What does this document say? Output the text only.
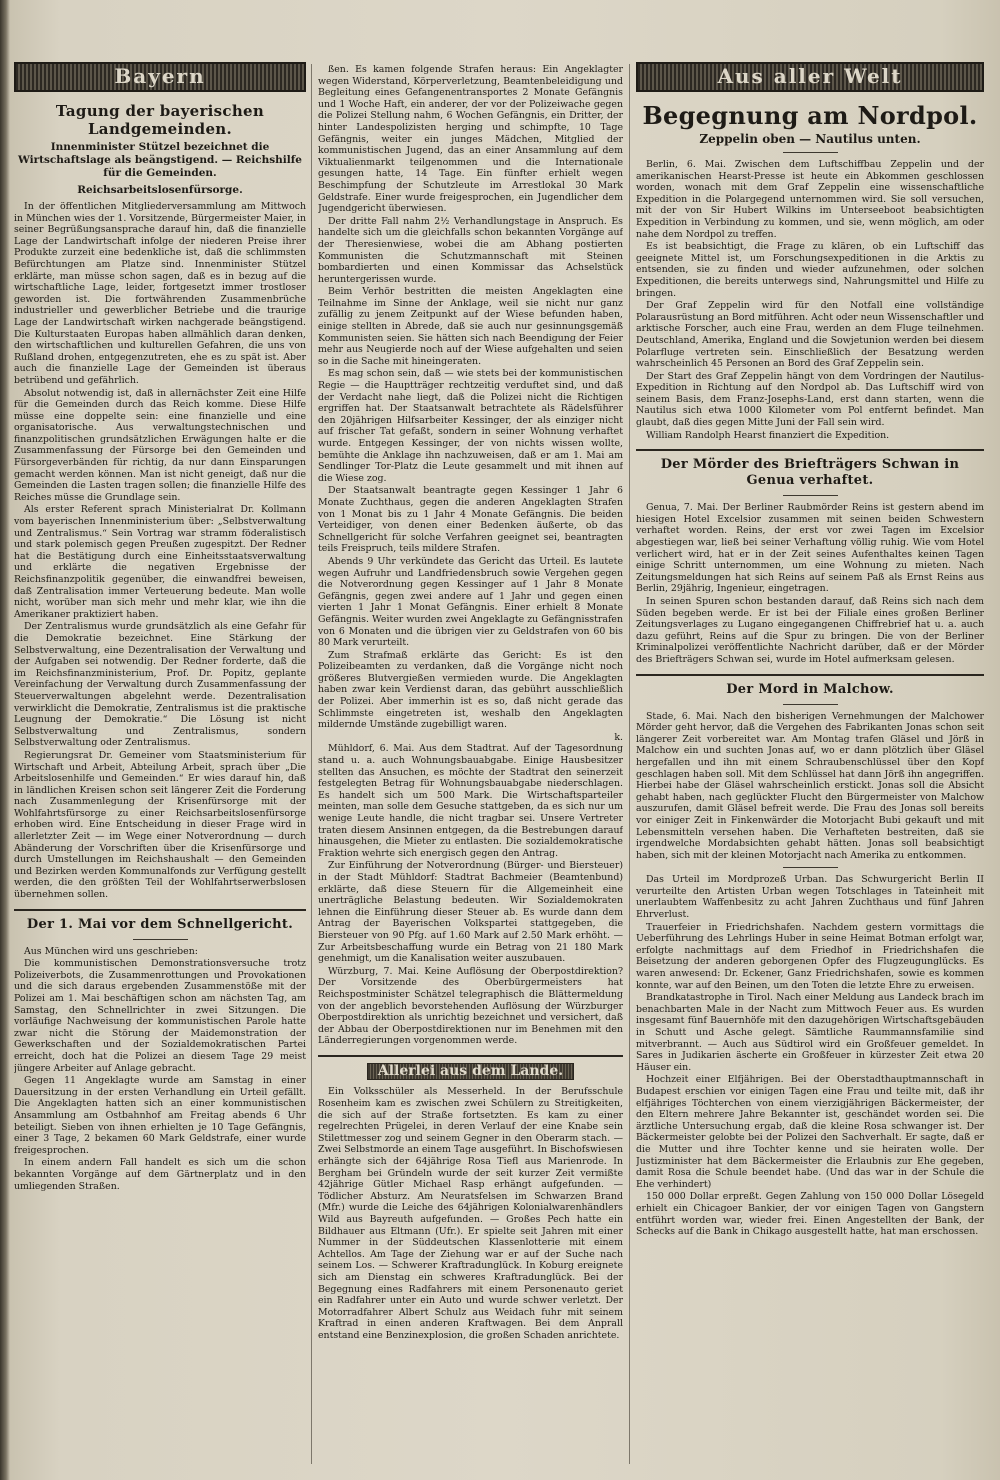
Bayern
Tagung der bayerischen Landgemeinden.
Innenminister Stützel bezeichnet die Wirtschaftslage als beängstigend. — Reichshilfe für die Gemeinden.
Reichsarbeitslosenfürsorge.

In der öffentlichen Mitgliederversammlung am Mittwoch in München wies der 1. Vorsitzende, Bürgermeister Maier, in seiner Begrüßungsansprache darauf hin, daß die finanzielle Lage der Landwirtschaft infolge der niederen Preise ihrer Produkte zurzeit eine bedenkliche ist, daß die schlimmsten Befürchtungen am Platze sind. Innenminister Stützel erklärte, man müsse schon sagen, daß es in bezug auf die wirtschaftliche Lage, leider, fortgesetzt immer trostloser geworden ist. Die fortwährenden Zusammenbrüche industrieller und gewerblicher Betriebe und die traurige Lage der Landwirtschaft wirken nachgerade beängstigend. Die Kulturstaaten Europas haben allmählich daran denken, den wirtschaftlichen und kulturellen Gefahren, die uns von Rußland drohen, entgegenzutreten, ehe es zu spät ist. Aber auch die finanzielle Lage der Gemeinden ist überaus betrübend und gefährlich.

Absolut notwendig ist, daß in allernächster Zeit eine Hilfe für die Gemeinden durch das Reich komme. Diese Hilfe müsse eine doppelte sein: eine finanzielle und eine organisatorische. Aus verwaltungstechnischen und finanzpolitischen grundsätzlichen Erwägungen halte er die Zusammenfassung der Fürsorge bei den Gemeinden und Fürsorgeverbänden für richtig, da nur dann Einsparungen gemacht werden können. Man ist nicht geneigt, daß nur die Gemeinden die Lasten tragen sollen; die finanzielle Hilfe des Reiches müsse die Grundlage sein.

Als erster Referent sprach Ministerialrat Dr. Kollmann vom bayerischen Innenministerium über: „Selbstverwaltung und Zentralismus.“ Sein Vortrag war stramm föderalistisch und stark polemisch gegen Preußen zugespitzt. Der Redner hat die Bestätigung durch eine Einheitsstaatsverwaltung und erklärte die negativen Ergebnisse der Reichsfinanzpolitik gegenüber, die einwandfrei beweisen, daß Zentralisation immer Verteuerung bedeute. Man wolle nicht, worüber man sich mehr und mehr klar, wie ihn die Amerikaner praktiziert haben.

Der Zentralismus wurde grundsätzlich als eine Gefahr für die Demokratie bezeichnet. Eine Stärkung der Selbstverwaltung, eine Dezentralisation der Verwaltung und der Aufgaben sei notwendig. Der Redner forderte, daß die im Reichsfinanzministerium, Prof. Dr. Popitz, geplante Vereinfachung der Verwaltung durch Zusammenfassung der Steuerverwaltungen abgelehnt werde. Dezentralisation verwirklicht die Demokratie, Zentralismus ist die praktische Leugnung der Demokratie.“ Die Lösung ist nicht Selbstverwaltung und Zentralismus, sondern Selbstverwaltung oder Zentralismus.

Regierungsrat Dr. Gemeiner vom Staatsministerium für Wirtschaft und Arbeit, Abteilung Arbeit, sprach über „Die Arbeitslosenhilfe und Gemeinden.“ Er wies darauf hin, daß in ländlichen Kreisen schon seit längerer Zeit die Forderung nach Zusammenlegung der Krisenfürsorge mit der Wohlfahrtsfürsorge zu einer Reichsarbeitslosenfürsorge erhoben wird. Eine Entscheidung in dieser Frage wird in allerletzter Zeit — im Wege einer Notverordnung — durch Abänderung der Vorschriften über die Krisenfürsorge und durch Umstellungen im Reichshaushalt — den Gemeinden und Bezirken werden Kommunalfonds zur Verfügung gestellt werden, die den größten Teil der Wohlfahrtserwerbslosen übernehmen sollen.

Der 1. Mai vor dem Schnellgericht.

Aus München wird uns geschrieben:

Die kommunistischen Demonstrationsversuche trotz Polizeiverbots, die Zusammenrottungen und Provokationen und die sich daraus ergebenden Zusammenstöße mit der Polizei am 1. Mai beschäftigen schon am nächsten Tag, am Samstag, den Schnellrichter in zwei Sitzungen. Die vorläufige Nachweisung der kommunistischen Parole hatte zwar nicht die Störung der Maidemonstration der Gewerkschaften und der Sozialdemokratischen Partei erreicht, doch hat die Polizei an diesem Tage 29 meist jüngere Arbeiter auf Anlage gebracht.

Gegen 11 Angeklagte wurde am Samstag in einer Dauersitzung in der ersten Verhandlung ein Urteil gefällt. Die Angeklagten hatten sich an einer kommunistischen Ansammlung am Ostbahnhof am Freitag abends 6 Uhr beteiligt. Sieben von ihnen erhielten je 10 Tage Gefängnis, einer 3 Tage, 2 bekamen 60 Mark Geldstrafe, einer wurde freigesprochen.

In einem andern Fall handelt es sich um die schon bekannten Vorgänge auf dem Gärtnerplatz und in den umliegenden Straßen.

ßen. Es kamen folgende Strafen heraus: Ein Angeklagter wegen Widerstand, Körperverletzung, Beamtenbeleidigung und Begleitung eines Gefangenentransportes 2 Monate Gefängnis und 1 Woche Haft, ein anderer, der vor der Polizeiwache gegen die Polizei Stellung nahm, 6 Wochen Gefängnis, ein Dritter, der hinter Landespolizisten herging und schimpfte, 10 Tage Gefängnis, weiter ein junges Mädchen, Mitglied der kommunistischen Jugend, das an einer Ansammlung auf dem Viktualienmarkt teilgenommen und die Internationale gesungen hatte, 14 Tage. Ein fünfter erhielt wegen Beschimpfung der Schutzleute im Arrestlokal 30 Mark Geldstrafe. Einer wurde freigesprochen, ein Jugendlicher dem Jugendgericht überwiesen.

Der dritte Fall nahm 2½ Verhandlungstage in Anspruch. Es handelte sich um die gleichfalls schon bekannten Vorgänge auf der Theresienwiese, wobei die am Abhang postierten Kommunisten die Schutzmannschaft mit Steinen bombardierten und einen Kommissar das Achselstück heruntergerissen wurde.

Beim Verhör bestritten die meisten Angeklagten eine Teilnahme im Sinne der Anklage, weil sie nicht nur ganz zufällig zu jenem Zeitpunkt auf der Wiese befunden haben, einige stellten in Abrede, daß sie auch nur gesinnungsgemäß Kommunisten seien. Sie hätten sich nach Beendigung der Feier mehr aus Neugierde noch auf der Wiese aufgehalten und seien so in die Sache mit hineingeraten.

Es mag schon sein, daß — wie stets bei der kommunistischen Regie — die Hauptträger rechtzeitig verduftet sind, und daß der Verdacht nahe liegt, daß die Polizei nicht die Richtigen ergriffen hat. Der Staatsanwalt betrachtete als Rädelsführer den 20jährigen Hilfsarbeiter Kessinger, der als einziger nicht auf frischer Tat gefaßt, sondern in seiner Wohnung verhaftet wurde. Entgegen Kessinger, der von nichts wissen wollte, bemühte die Anklage ihn nachzuweisen, daß er am 1. Mai am Sendlinger Tor-Platz die Leute gesammelt und mit ihnen auf die Wiese zog.

Der Staatsanwalt beantragte gegen Kessinger 1 Jahr 6 Monate Zuchthaus, gegen die anderen Angeklagten Strafen von 1 Monat bis zu 1 Jahr 4 Monate Gefängnis. Die beiden Verteidiger, von denen einer Bedenken äußerte, ob das Schnellgericht für solche Verfahren geeignet sei, beantragten teils Freispruch, teils mildere Strafen.

Abends 9 Uhr verkündete das Gericht das Urteil. Es lautete wegen Aufruhr und Landfriedensbruch sowie Vergehen gegen die Notverordnung gegen Kessinger auf 1 Jahr 8 Monate Gefängnis, gegen zwei andere auf 1 Jahr und gegen einen vierten 1 Jahr 1 Monat Gefängnis. Einer erhielt 8 Monate Gefängnis. Weiter wurden zwei Angeklagte zu Gefängnisstrafen von 6 Monaten und die übrigen vier zu Geldstrafen von 60 bis 80 Mark verurteilt.

Zum Strafmaß erklärte das Gericht: Es ist den Polizeibeamten zu verdanken, daß die Vorgänge nicht noch größeres Blutvergießen vermieden wurde. Die Angeklagten haben zwar kein Verdienst daran, das gebührt ausschließlich der Polizei. Aber immerhin ist es so, daß nicht gerade das Schlimmste eingetreten ist, weshalb den Angeklagten mildernde Umstände zugebilligt waren.

k.

Mühldorf, 6. Mai. Aus dem Stadtrat. Auf der Tagesordnung stand u. a. auch Wohnungsbauabgabe. Einige Hausbesitzer stellten das Ansuchen, es möchte der Stadtrat den seinerzeit festgelegten Betrag für Wohnungsbauabgabe niederschlagen. Es handelt sich um 500 Mark. Die Wirtschaftsparteiler meinten, man solle dem Gesuche stattgeben, da es sich nur um wenige Leute handle, die nicht tragbar sei. Unsere Vertreter traten diesem Ansinnen entgegen, da die Bestrebungen darauf hinausgehen, die Mieter zu entlasten. Die sozialdemokratische Fraktion wehrte sich energisch gegen den Antrag.

Zur Einführung der Notverordnung (Bürger- und Biersteuer) in der Stadt Mühldorf: Stadtrat Bachmeier (Beamtenbund) erklärte, daß diese Steuern für die Allgemeinheit eine unerträgliche Belastung bedeuten. Wir Sozialdemokraten lehnen die Einführung dieser Steuer ab. Es wurde dann dem Antrag der Bayerischen Volkspartei stattgegeben, die Biersteuer von 90 Pfg. auf 1.60 Mark auf 2.50 Mark erhöht. — Zur Arbeitsbeschaffung wurde ein Betrag von 21 180 Mark genehmigt, um die Kanalisation weiter auszubauen.

Würzburg, 7. Mai. Keine Auflösung der Oberpostdirektion? Der Vorsitzende des Oberbürgermeisters hat Reichspostminister Schätzel telegraphisch die Blättermeldung von der angeblich bevorstehenden Auflösung der Würzburger Oberpostdirektion als unrichtig bezeichnet und versichert, daß der Abbau der Oberpostdirektionen nur im Benehmen mit den Länderregierungen vorgenommen werde.

Allerlei aus dem Lande.

Ein Volksschüler als Messerheld. In der Berufsschule Rosenheim kam es zwischen zwei Schülern zu Streitigkeiten, die sich auf der Straße fortsetzten. Es kam zu einer regelrechten Prügelei, in deren Verlauf der eine Knabe sein Stilettmesser zog und seinem Gegner in den Oberarm stach. — Zwei Selbstmorde an einem Tage ausgeführt. In Bischofswiesen erhängte sich der 64jährige Rosa Tiefl aus Marienrode. In Bergham bei Gründeln wurde der seit kurzer Zeit vermißte 42jährige Gütler Michael Rasp erhängt aufgefunden. — Tödlicher Absturz. Am Neuratsfelsen im Schwarzen Brand (Mfr.) wurde die Leiche des 64jährigen Kolonialwarenhändlers Wild aus Bayreuth aufgefunden. — Großes Pech hatte ein Bildhauer aus Eltmann (Ufr.). Er spielte seit Jahren mit einer Nummer in der Süddeutschen Klassenlotterie mit einem Achtellos. Am Tage der Ziehung war er auf der Suche nach seinem Los. — Schwerer Kraftradunglück. In Koburg ereignete sich am Dienstag ein schweres Kraftradunglück. Bei der Begegnung eines Radfahrers mit einem Personenauto geriet ein Radfahrer unter ein Auto und wurde schwer verletzt. Der Motorradfahrer Albert Schulz aus Weidach fuhr mit seinem Kraftrad in einen anderen Kraftwagen. Bei dem Anprall entstand eine Benzinexplosion, die großen Schaden anrichtete.

Aus aller Welt
Begegnung am Nordpol.
Zeppelin oben — Nautilus unten.

Berlin, 6. Mai. Zwischen dem Luftschiffbau Zeppelin und der amerikanischen Hearst-Presse ist heute ein Abkommen geschlossen worden, wonach mit dem Graf Zeppelin eine wissenschaftliche Expedition in die Polargegend unternommen wird. Sie soll versuchen, mit der von Sir Hubert Wilkins im Unterseeboot beabsichtigten Expedition in Verbindung zu kommen, und sie, wenn möglich, am oder nahe dem Nordpol zu treffen.

Es ist beabsichtigt, die Frage zu klären, ob ein Luftschiff das geeignete Mittel ist, um Forschungsexpeditionen in die Arktis zu entsenden, sie zu finden und wieder aufzunehmen, oder solchen Expeditionen, die bereits unterwegs sind, Nahrungsmittel und Hilfe zu bringen.

Der Graf Zeppelin wird für den Notfall eine vollständige Polarausrüstung an Bord mitführen. Acht oder neun Wissenschaftler und arktische Forscher, auch eine Frau, werden an dem Fluge teilnehmen. Deutschland, Amerika, England und die Sowjetunion werden bei diesem Polarfluge vertreten sein. Einschließlich der Besatzung werden wahrscheinlich 45 Personen an Bord des Graf Zeppelin sein.

Der Start des Graf Zeppelin hängt von dem Vordringen der Nautilus-Expedition in Richtung auf den Nordpol ab. Das Luftschiff wird von seinem Basis, dem Franz-Josephs-Land, erst dann starten, wenn die Nautilus sich etwa 1000 Kilometer vom Pol entfernt befindet. Man glaubt, daß dies gegen Mitte Juni der Fall sein wird.

William Randolph Hearst finanziert die Expedition.

Der Mörder des Briefträgers Schwan in Genua verhaftet.

Genua, 7. Mai. Der Berliner Raubmörder Reins ist gestern abend im hiesigen Hotel Excelsior zusammen mit seinen beiden Schwestern verhaftet worden. Reins, der erst vor zwei Tagen im Excelsior abgestiegen war, ließ bei seiner Verhaftung völlig ruhig. Wie vom Hotel verlichert wird, hat er in der Zeit seines Aufenthaltes keinen Tagen einige Schritt unternommen, um eine Wohnung zu mieten. Nach Zeitungsmeldungen hat sich Reins auf seinem Paß als Ernst Reins aus Berlin, 29jährig, Ingenieur, eingetragen.

In seinen Spuren schon bestanden darauf, daß Reins sich nach dem Süden begeben werde. Er ist bei der Filiale eines großen Berliner Zeitungsverlages zu Lugano eingegangenen Chiffrebrief hat u. a. auch dazu geführt, Reins auf die Spur zu bringen. Die von der Berliner Kriminalpolizei veröffentlichte Nachricht darüber, daß er der Mörder des Briefträgers Schwan sei, wurde im Hotel aufmerksam gelesen.

Der Mord in Malchow.

Stade, 6. Mai. Nach den bisherigen Vernehmungen der Malchower Mörder geht hervor, daß die Vergehen des Fabrikanten Jonas schon seit längerer Zeit vorbereitet war. Am Montag trafen Gläsel und Jörß in Malchow ein und suchten Jonas auf, wo er dann plötzlich über Gläsel hergefallen und ihn mit einem Schraubenschlüssel über den Kopf geschlagen haben soll. Mit dem Schlüssel hat dann Jörß ihn angegriffen. Hierbei habe der Gläsel wahrscheinlich erstickt. Jonas soll die Absicht gehabt haben, nach geglückter Flucht den Bürgermeister von Malchow auszurufen, damit Gläsel befreit werde. Die Frau des Jonas soll bereits vor einiger Zeit in Finkenwärder die Motorjacht Bubi gekauft und mit Lebensmitteln versehen haben. Die Verhafteten bestreiten, daß sie irgendwelche Mordabsichten gehabt hätten. Jonas soll beabsichtigt haben, sich mit der kleinen Motorjacht nach Amerika zu entkommen.

Das Urteil im Mordprozeß Urban. Das Schwurgericht Berlin II verurteilte den Artisten Urban wegen Totschlages in Tateinheit mit unerlaubtem Waffenbesitz zu acht Jahren Zuchthaus und fünf Jahren Ehrverlust.

Trauerfeier in Friedrichshafen. Nachdem gestern vormittags die Ueberführung des Lehrlings Huber in seine Heimat Botman erfolgt war, erfolgte nachmittags auf dem Friedhof in Friedrichshafen die Beisetzung der anderen geborgenen Opfer des Flugzeugunglücks. Es waren anwesend: Dr. Eckener, Ganz Friedrichshafen, sowie es kommen konnte, war auf den Beinen, um den Toten die letzte Ehre zu erweisen.

Brandkatastrophe in Tirol. Nach einer Meldung aus Landeck brach im benachbarten Male in der Nacht zum Mittwoch Feuer aus. Es wurden insgesamt fünf Bauernhöfe mit den dazugehörigen Wirtschaftsgebäuden in Schutt und Asche gelegt. Sämtliche Raummannsfamilie sind mitverbrannt. — Auch aus Südtirol wird ein Großfeuer gemeldet. In Sares in Judikarien äscherte ein Großfeuer in kürzester Zeit etwa 20 Häuser ein.

Hochzeit einer Elfjährigen. Bei der Oberstadthauptmannschaft in Budapest erschien vor einigen Tagen eine Frau und teilte mit, daß ihr elfjähriges Töchterchen von einem vierzigjährigen Bäckermeister, der den Eltern mehrere Jahre Bekannter ist, geschändet worden sei. Die ärztliche Untersuchung ergab, daß die kleine Rosa schwanger ist. Der Bäckermeister gelobte bei der Polizei den Sachverhalt. Er sagte, daß er die Mutter und ihre Tochter kenne und sie heiraten wolle. Der Justizminister hat dem Bäckermeister die Erlaubnis zur Ehe gegeben, damit Rosa die Schule beendet habe. (Und das war in der Schule die Ehe verhindert)

150 000 Dollar erpreßt. Gegen Zahlung von 150 000 Dollar Lösegeld erhielt ein Chicagoer Bankier, der vor einigen Tagen von Gangstern entführt worden war, wieder frei. Einen Angestellten der Bank, der Schecks auf die Bank in Chikago ausgestellt hatte, hat man erschossen.
